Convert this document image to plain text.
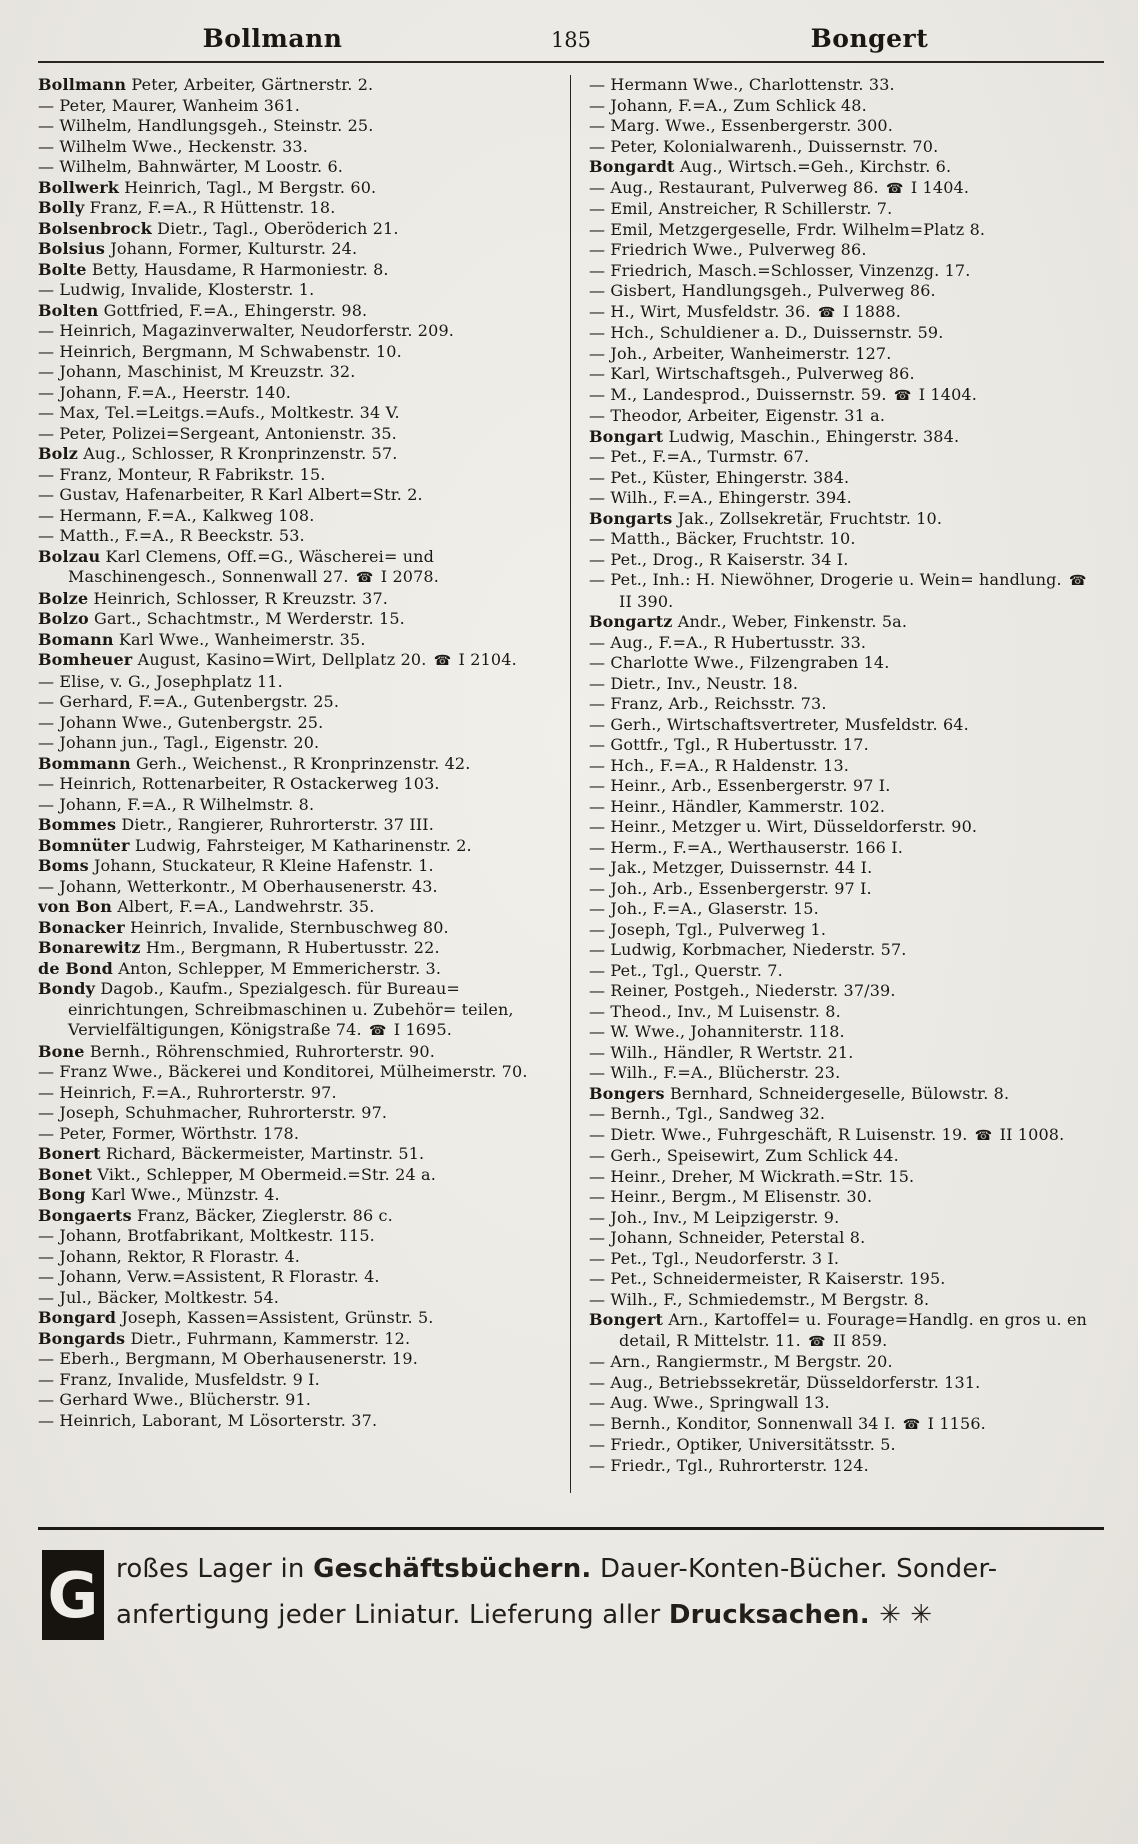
Bollmann	185	Bongert
Bollmann Peter, Arbeiter, Gärtnerstr. 2.
— Peter, Maurer, Wanheim 361.
— Wilhelm, Handlungsgeh., Steinstr. 25.
— Wilhelm Wwe., Heckenstr. 33.
— Wilhelm, Bahnwärter, M Loostr. 6.
Bollwerk Heinrich, Tagl., M Bergstr. 60.
Bolly Franz, F.=A., R Hüttenstr. 18.
Bolsenbrock Dietr., Tagl., Oberöderich 21.
Bolsius Johann, Former, Kulturstr. 24.
Bolte Betty, Hausdame, R Harmoniestr. 8.
— Ludwig, Invalide, Klosterstr. 1.
Bolten Gottfried, F.=A., Ehingerstr. 98.
— Heinrich, Magazinverwalter, Neudorferstr. 209.
— Heinrich, Bergmann, M Schwabenstr. 10.
— Johann, Maschinist, M Kreuzstr. 32.
— Johann, F.=A., Heerstr. 140.
— Max, Tel.=Leitgs.=Aufs., Moltkestr. 34 V.
— Peter, Polizei=Sergeant, Antonienstr. 35.
Bolz Aug., Schlosser, R Kronprinzenstr. 57.
— Franz, Monteur, R Fabrikstr. 15.
— Gustav, Hafenarbeiter, R Karl Albert=Str. 2.
— Hermann, F.=A., Kalkweg 108.
— Matth., F.=A., R Beeckstr. 53.
Bolzau Karl Clemens, Off.=G., Wäscherei= und Maschinengesch., Sonnenwall 27. ☎ I 2078.
Bolze Heinrich, Schlosser, R Kreuzstr. 37.
Bolzo Gart., Schachtmstr., M Werderstr. 15.
Bomann Karl Wwe., Wanheimerstr. 35.
Bomheuer August, Kasino=Wirt, Dellplatz 20. ☎ I 2104.
— Elise, v. G., Josephplatz 11.
— Gerhard, F.=A., Gutenbergstr. 25.
— Johann Wwe., Gutenbergstr. 25.
— Johann jun., Tagl., Eigenstr. 20.
Bommann Gerh., Weichenst., R Kronprinzenstr. 42.
— Heinrich, Rottenarbeiter, R Ostackerweg 103.
— Johann, F.=A., R Wilhelmstr. 8.
Bommes Dietr., Rangierer, Ruhrorterstr. 37 III.
Bomnüter Ludwig, Fahrsteiger, M Katharinenstr. 2.
Boms Johann, Stuckateur, R Kleine Hafenstr. 1.
— Johann, Wetterkontr., M Oberhausenerstr. 43.
von Bon Albert, F.=A., Landwehrstr. 35.
Bonacker Heinrich, Invalide, Sternbuschweg 80.
Bonarewitz Hm., Bergmann, R Hubertusstr. 22.
de Bond Anton, Schlepper, M Emmericherstr. 3.
Bondy Dagob., Kaufm., Spezialgesch. für Bureau= einrichtungen, Schreibmaschinen u. Zubehör= teilen, Vervielfältigungen, Königstraße 74. ☎ I 1695.
Bone Bernh., Röhrenschmied, Ruhrorterstr. 90.
— Franz Wwe., Bäckerei und Konditorei, Mülheimerstr. 70.
— Heinrich, F.=A., Ruhrorterstr. 97.
— Joseph, Schuhmacher, Ruhrorterstr. 97.
— Peter, Former, Wörthstr. 178.
Bonert Richard, Bäckermeister, Martinstr. 51.
Bonet Vikt., Schlepper, M Obermeid.=Str. 24 a.
Bong Karl Wwe., Münzstr. 4.
Bongaerts Franz, Bäcker, Zieglerstr. 86 c.
— Johann, Brotfabrikant, Moltkestr. 115.
— Johann, Rektor, R Florastr. 4.
— Johann, Verw.=Assistent, R Florastr. 4.
— Jul., Bäcker, Moltkestr. 54.
Bongard Joseph, Kassen=Assistent, Grünstr. 5.
Bongards Dietr., Fuhrmann, Kammerstr. 12.
— Eberh., Bergmann, M Oberhausenerstr. 19.
— Franz, Invalide, Musfeldstr. 9 I.
— Gerhard Wwe., Blücherstr. 91.
— Heinrich, Laborant, M Lösorterstr. 37.
— Hermann Wwe., Charlottenstr. 33.
— Johann, F.=A., Zum Schlick 48.
— Marg. Wwe., Essenbergerstr. 300.
— Peter, Kolonialwarenh., Duissernstr. 70.
Bongardt Aug., Wirtsch.=Geh., Kirchstr. 6.
— Aug., Restaurant, Pulverweg 86. ☎ I 1404.
— Emil, Anstreicher, R Schillerstr. 7.
— Emil, Metzgergeselle, Frdr. Wilhelm=Platz 8.
— Friedrich Wwe., Pulverweg 86.
— Friedrich, Masch.=Schlosser, Vinzenzg. 17.
— Gisbert, Handlungsgeh., Pulverweg 86.
— H., Wirt, Musfeldstr. 36. ☎ I 1888.
— Hch., Schuldiener a. D., Duissernstr. 59.
— Joh., Arbeiter, Wanheimerstr. 127.
— Karl, Wirtschaftsgeh., Pulverweg 86.
— M., Landesprod., Duissernstr. 59. ☎ I 1404.
— Theodor, Arbeiter, Eigenstr. 31 a.
Bongart Ludwig, Maschin., Ehingerstr. 384.
— Pet., F.=A., Turmstr. 67.
— Pet., Küster, Ehingerstr. 384.
— Wilh., F.=A., Ehingerstr. 394.
Bongarts Jak., Zollsekretär, Fruchtstr. 10.
— Matth., Bäcker, Fruchtstr. 10.
— Pet., Drog., R Kaiserstr. 34 I.
— Pet., Inh.: H. Niewöhner, Drogerie u. Wein= handlung. ☎ II 390.
Bongartz Andr., Weber, Finkenstr. 5a.
— Aug., F.=A., R Hubertusstr. 33.
— Charlotte Wwe., Filzengraben 14.
— Dietr., Inv., Neustr. 18.
— Franz, Arb., Reichsstr. 73.
— Gerh., Wirtschaftsvertreter, Musfeldstr. 64.
— Gottfr., Tgl., R Hubertusstr. 17.
— Hch., F.=A., R Haldenstr. 13.
— Heinr., Arb., Essenbergerstr. 97 I.
— Heinr., Händler, Kammerstr. 102.
— Heinr., Metzger u. Wirt, Düsseldorferstr. 90.
— Herm., F.=A., Werthauserstr. 166 I.
— Jak., Metzger, Duissernstr. 44 I.
— Joh., Arb., Essenbergerstr. 97 I.
— Joh., F.=A., Glaserstr. 15.
— Joseph, Tgl., Pulverweg 1.
— Ludwig, Korbmacher, Niederstr. 57.
— Pet., Tgl., Querstr. 7.
— Reiner, Postgeh., Niederstr. 37/39.
— Theod., Inv., M Luisenstr. 8.
— W. Wwe., Johanniterstr. 118.
— Wilh., Händler, R Wertstr. 21.
— Wilh., F.=A., Blücherstr. 23.
Bongers Bernhard, Schneidergeselle, Bülowstr. 8.
— Bernh., Tgl., Sandweg 32.
— Dietr. Wwe., Fuhrgeschäft, R Luisenstr. 19. ☎ II 1008.
— Gerh., Speisewirt, Zum Schlick 44.
— Heinr., Dreher, M Wickrath.=Str. 15.
— Heinr., Bergm., M Elisenstr. 30.
— Joh., Inv., M Leipzigerstr. 9.
— Johann, Schneider, Peterstal 8.
— Pet., Tgl., Neudorferstr. 3 I.
— Pet., Schneidermeister, R Kaiserstr. 195.
— Wilh., F., Schmiedemstr., M Bergstr. 8.
Bongert Arn., Kartoffel= u. Fourage=Handlg. en gros u. en detail, R Mittelstr. 11. ☎ II 859.
— Arn., Rangiermstr., M Bergstr. 20.
— Aug., Betriebssekretär, Düsseldorferstr. 131.
— Aug. Wwe., Springwall 13.
— Bernh., Konditor, Sonnenwall 34 I. ☎ I 1156.
— Friedr., Optiker, Universitätsstr. 5.
— Friedr., Tgl., Ruhrorterstr. 124.
G roßes Lager in Geschäftsbüchern. Dauer-Konten-Bücher. Sonder-
anfertigung jeder Liniatur. Lieferung aller Drucksachen. ✳ ✳
